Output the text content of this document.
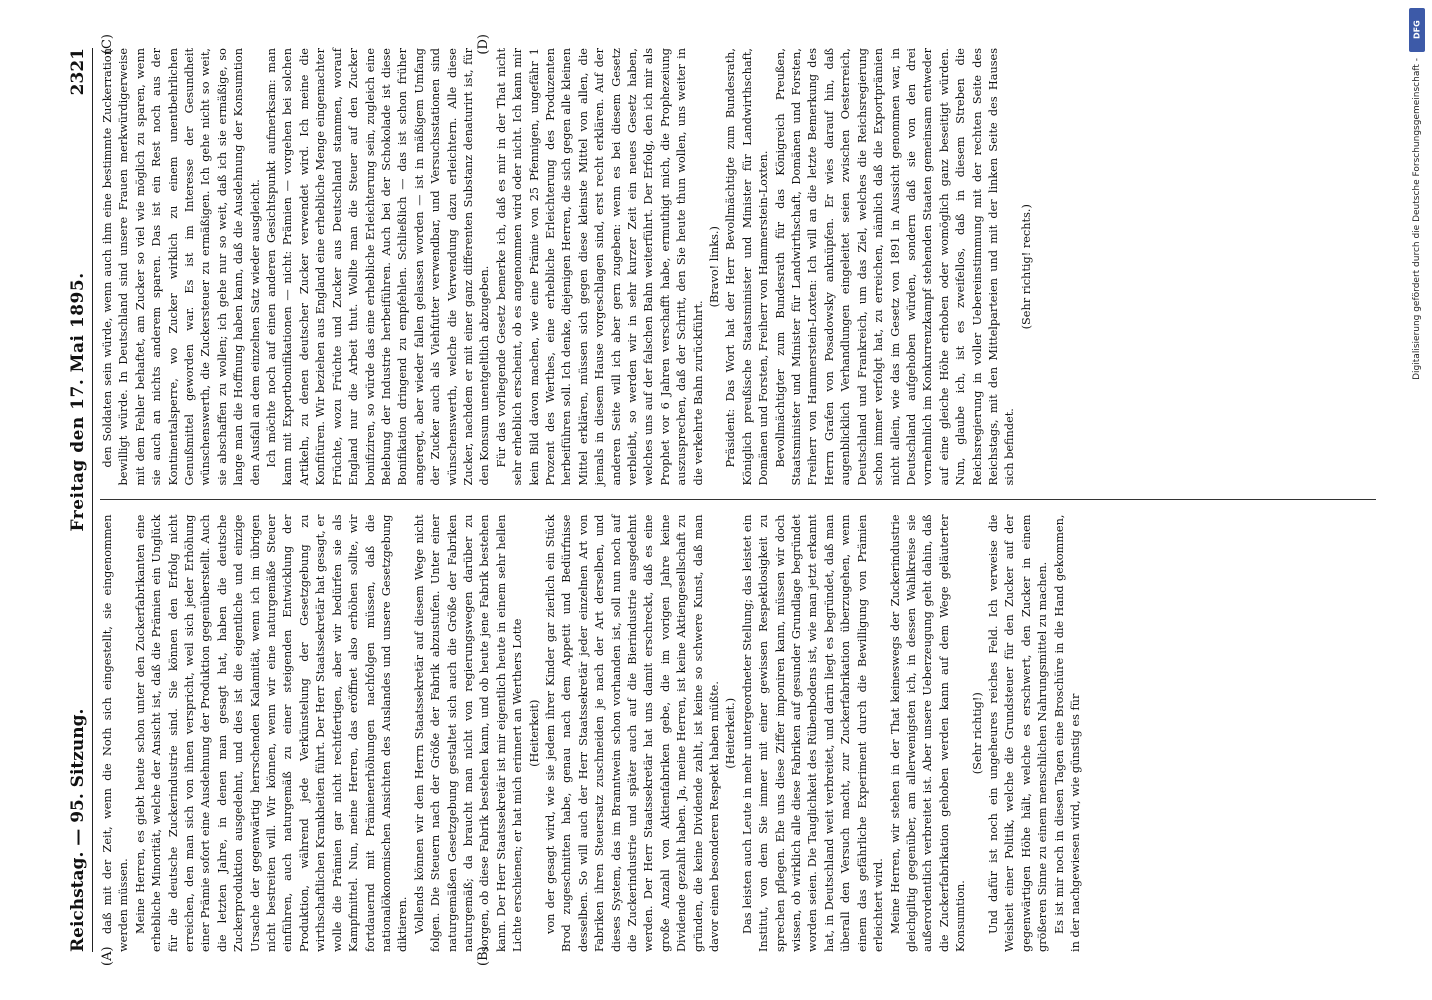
Reichstag. — 95. Sitzung.
Freitag den 17. Mai 1895.
2321
(A)	(B)

daß mit der Zeit, wenn die Noth sich eingestellt, sie eingenommen werden müssen. Meine Herren, es giebt heute schon unter den Zuckerfabrikanten eine erhebliche Minorität, welche der Ansicht ist, daß die Prämien ein Unglück für die deutsche Zuckerindustrie sind. Sie können den Erfolg nicht erreichen, den man sich von ihnen verspricht, weil sich jeder Erhöhung einer Prämie sofort eine Ausdehnung der Produktion gegenüberstellt. Auch die letzten Jahre, in denen man gesagt hat, haben die deutsche Zuckerproduktion ausgedehnt, und dies ist die eigentliche und einzige Ursache der gegenwärtig herrschenden Kalamität, wenn ich im übrigen nicht bestreiten will. Wir können, wenn wir eine naturgemäße Steuer einführen, auch naturgemäß zu einer steigenden Entwicklung der Produktion, während jede Verkünstelung der Gesetzgebung zu wirthschaftlichen Krankheiten führt. Der Herr Staatssekretär hat gesagt, er wolle die Prämien gar nicht rechtfertigen, aber wir bedürfen sie als Kampfmittel. Nun, meine Herren, das eröffnet also erhöhen sollte, wir fortdauernd mit Prämienerhöhungen nachfolgen müssen, daß die nationalökonomischen Ansichten des Auslandes und unsere Gesetzgebung diktieren. Vollends können wir dem Herrn Staatssekretär auf diesem Wege nicht folgen. Die Steuern nach der Größe der Fabrik abzustufen. Unter einer naturgemäßen Gesetzgebung gestaltet sich auch die Größe der Fabriken naturgemäß; da braucht man nicht von regierungswegen darüber zu sorgen, ob diese Fabrik bestehen kann, und ob heute jene Fabrik bestehen kann. Der Herr Staatssekretär ist mir eigentlich heute in einem sehr hellen Lichte erschienen; er hat mich erinnert an Werthers Lotte (Heiterkeit) von der gesagt wird, wie sie jedem ihrer Kinder gar zierlich ein Stück Brod zugeschnitten habe, genau nach dem Appetit und Bedürfnisse desselben. So will auch der Herr Staatssekretär jeder einzelnen Art von Fabriken ihren Steuersatz zuschneiden je nach der Art derselben, und dieses System, das im Branntwein schon vorhanden ist, soll nun noch auf die Zuckerindustrie und später auch auf die Bierindustrie ausgedehnt werden. Der Herr Staatssekretär hat uns damit erschreckt, daß es eine große Anzahl von Aktienfabriken gebe, die im vorigen Jahre keine Dividende gezahlt haben. Ja, meine Herren, ist keine Aktiengesellschaft zu gründen, die keine Dividende zahlt, ist keine so schwere Kunst, daß man davor einen besonderen Respekt haben müßte. (Heiterkeit.) Das leisten auch Leute in mehr untergeordneter Stellung; das leistet ein Institut, von dem Sie immer mit einer gewissen Respektlosigkeit zu sprechen pflegen. Ehe uns diese Ziffer imponiren kann, müssen wir doch wissen, ob wirklich alle diese Fabriken auf gesunder Grundlage begründet worden seien. Die Tauglichkeit des Rübenbodens ist, wie man jetzt erkannt hat, in Deutschland weit verbreitet, und darin liegt es begründet, daß man überall den Versuch macht, zur Zuckerfabrikation überzugehen, wenn einem das gefährliche Experiment durch die Bewilligung von Prämien erleichtert wird. Meine Herren, wir stehen in der That keineswegs der Zuckerindustrie gleichgiltig gegenüber, am allerwenigsten ich, in dessen Wahlkreise sie außerordentlich verbreitet ist. Aber unsere Ueberzeugung geht dahin, daß die Zuckerfabrikation gehoben werden kann auf dem Wege geläuterter Konsumtion.

(Sehr richtig!) Und dafür ist noch ein ungeheures reiches Feld. Ich verweise die Weisheit einer Politik, welche die Grundsteuer für den Zucker auf der gegenwärtigen Höhe hält, welche es erschwert, den Zucker in einem größeren Sinne zu einem menschlichen Nahrungsmittel zu machen. Es ist mir noch in diesen Tagen eine Broschüre in die Hand gekommen, in der nachgewiesen wird, wie günstig es für

(C)	(D)

den Soldaten sein würde, wenn auch ihm eine bestimmte Zuckerration bewilligt würde. In Deutschland sind unsere Frauen merkwürdigerweise mit dem Fehler behaftet, am Zucker so viel wie möglich zu sparen, wenn sie auch an nichts anderem sparen. Das ist ein Rest noch aus der Kontinentalsperre, wo Zucker wirklich zu einem unentbehrlichen Genußmittel geworden war. Es ist im Interesse der Gesundheit wünschenswerth, die Zuckersteuer zu ermäßigen. Ich gehe nicht so weit, sie abschaffen zu wollen; ich gehe nur so weit, daß ich sie ermäßige, so lange man die Hoffnung haben kann, daß die Ausdehnung der Konsumtion den Ausfall an dem einzelnen Satz wieder ausgleicht. Ich möchte noch auf einen anderen Gesichtspunkt aufmerksam: man kann mit Exportbonifikationen — nicht: Prämien — vorgehen bei solchen Artikeln, zu denen deutscher Zucker verwendet wird. Ich meine die Konfitüren. Wir beziehen aus England eine erhebliche Menge eingemachter Früchte, wozu Früchte und Zucker aus Deutschland stammen, worauf England nur die Arbeit thut. Wollte man die Steuer auf den Zucker bonifiziren, so würde das eine erhebliche Erleichterung sein, zugleich eine Belebung der Industrie herbeiführen. Auch bei der Schokolade ist diese Bonifikation dringend zu empfehlen. Schließlich — das ist schon früher angeregt, aber wieder fallen gelassen worden — ist in mäßigem Umfang der Zucker auch als Viehfutter verwendbar, und Versuchsstationen sind wünschenswerth, welche die Verwendung dazu erleichtern. Alle diese Zucker, nachdem er mit einer ganz differenten Substanz denaturirt ist, für den Konsum unentgeltlich abzugeben. Für das vorliegende Gesetz bemerke ich, daß es mir in der That nicht sehr erheblich erscheint, ob es angenommen wird oder nicht. Ich kann mir kein Bild davon machen, wie eine Prämie von 25 Pfennigen, ungefähr 1 Prozent des Werthes, eine erhebliche Erleichterung des Produzenten herbeiführen soll. Ich denke, diejenigen Herren, die sich gegen alle kleinen Mittel erklären, müssen sich gegen diese kleinste Mittel von allen, die jemals in diesem Hause vorgeschlagen sind, erst recht erklären. Auf der anderen Seite will ich aber gern zugeben: wenn es bei diesem Gesetz verbleibt, so werden wir in sehr kurzer Zeit ein neues Gesetz haben, welches uns auf der falschen Bahn weiterführt. Der Erfolg, den ich mir als Prophet vor 6 Jahren verschafft habe, ermuthigt mich, die Prophezeiung auszusprechen, daß der Schritt, den Sie heute thun wollen, uns weiter in die verkehrte Bahn zurückführt.

(Bravo! links.) Präsident: Das Wort hat der Herr Bevollmächtigte zum Bundesrath, Königlich preußische Staatsminister und Minister für Landwirthschaft, Domänen und Forsten, Freiherr von Hammerstein-Loxten. Bevollmächtigter zum Bundesrath für das Königreich Preußen, Staatsminister und Minister für Landwirthschaft, Domänen und Forsten, Freiherr von Hammerstein-Loxten: Ich will an die letzte Bemerkung des Herrn Grafen von Posadowsky anknüpfen. Er wies darauf hin, daß augenblicklich Verhandlungen eingeleitet seien zwischen Oesterreich, Deutschland und Frankreich, um das Ziel, welches die Reichsregierung schon immer verfolgt hat, zu erreichen, nämlich daß die Exportprämien nicht allein, wie das im Gesetz von 1891 in Aussicht genommen war, in Deutschland aufgehoben würden, sondern daß sie von den drei vornehmlich im Konkurrenzkampf stehenden Staaten gemeinsam entweder auf eine gleiche Höhe erhoben oder womöglich ganz beseitigt würden. Nun, glaube ich, ist es zweifellos, daß in diesem Streben die Reichsregierung in voller Uebereinstimmung mit der rechten Seite des Reichstags, mit den Mittelparteien und mit der linken Seite des Hauses sich befindet.

(Sehr richtig! rechts.)

DFG
Digitalisierung gefördert durch die Deutsche Forschungsgemeinschaft -
